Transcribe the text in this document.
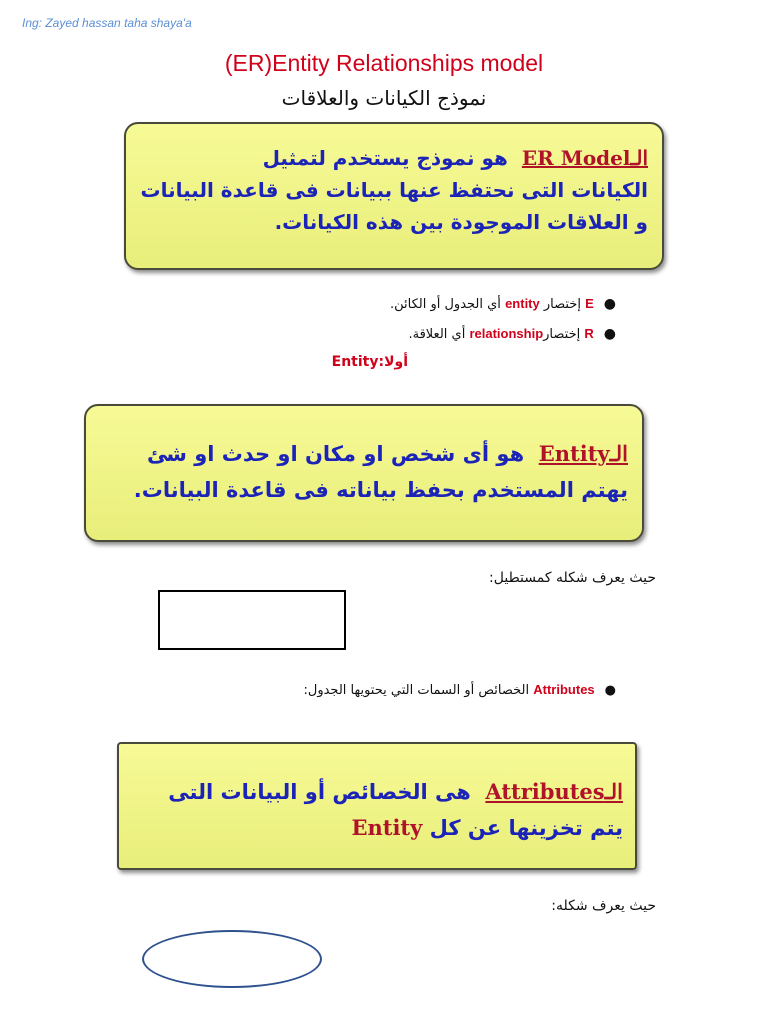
Ing: Zayed hassan taha shaya'a
(ER)Entity Relationships model
نموذج الكيانات والعلاقات
الـER Model  هو نموذج يستخدم لتمثيل
الكيانات التى نحتفظ عنها ببيانات فى قاعدة البيانات
و العلاقات الموجودة بين هذه الكيانات.
●E إختصار entity أي الجدول أو الكائن.
●R إختصارrelationship أي العلاقة.
أولا:Entity
الـEntity  هو أى شخص او مكان او حدث او شئ
يهتم المستخدم بحفظ بياناته فى قاعدة البيانات.
حيث يعرف شكله كمستطيل:
●Attributes الخصائص أو السمات التي يحتويها الجدول:
الـAttributes  هى الخصائص أو البيانات التى
يتم تخزينها عن كل Entity
حيث يعرف شكله:
